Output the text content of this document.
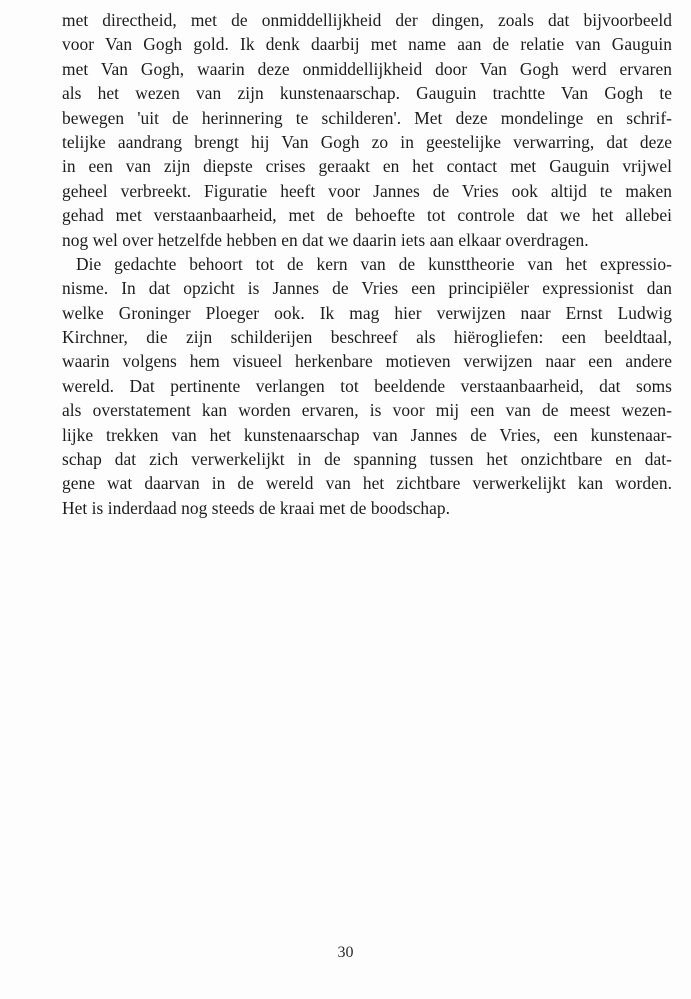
met directheid, met de onmiddellijkheid der dingen, zoals dat bijvoorbeeld
voor Van Gogh gold. Ik denk daarbij met name aan de relatie van Gauguin
met Van Gogh, waarin deze onmiddellijkheid door Van Gogh werd ervaren
als het wezen van zijn kunstenaarschap. Gauguin trachtte Van Gogh te
bewegen 'uit de herinnering te schilderen'. Met deze mondelinge en schrif-
telijke aandrang brengt hij Van Gogh zo in geestelijke verwarring, dat deze
in een van zijn diepste crises geraakt en het contact met Gauguin vrijwel
geheel verbreekt. Figuratie heeft voor Jannes de Vries ook altijd te maken
gehad met verstaanbaarheid, met de behoefte tot controle dat we het allebei
nog wel over hetzelfde hebben en dat we daarin iets aan elkaar overdragen.
Die gedachte behoort tot de kern van de kunsttheorie van het expressio-
nisme. In dat opzicht is Jannes de Vries een principiëler expressionist dan
welke Groninger Ploeger ook. Ik mag hier verwijzen naar Ernst Ludwig
Kirchner, die zijn schilderijen beschreef als hiërogliefen: een beeldtaal,
waarin volgens hem visueel herkenbare motieven verwijzen naar een andere
wereld. Dat pertinente verlangen tot beeldende verstaanbaarheid, dat soms
als overstatement kan worden ervaren, is voor mij een van de meest wezen-
lijke trekken van het kunstenaarschap van Jannes de Vries, een kunstenaar-
schap dat zich verwerkelijkt in de spanning tussen het onzichtbare en dat-
gene wat daarvan in de wereld van het zichtbare verwerkelijkt kan worden.
Het is inderdaad nog steeds de kraai met de boodschap.
30
